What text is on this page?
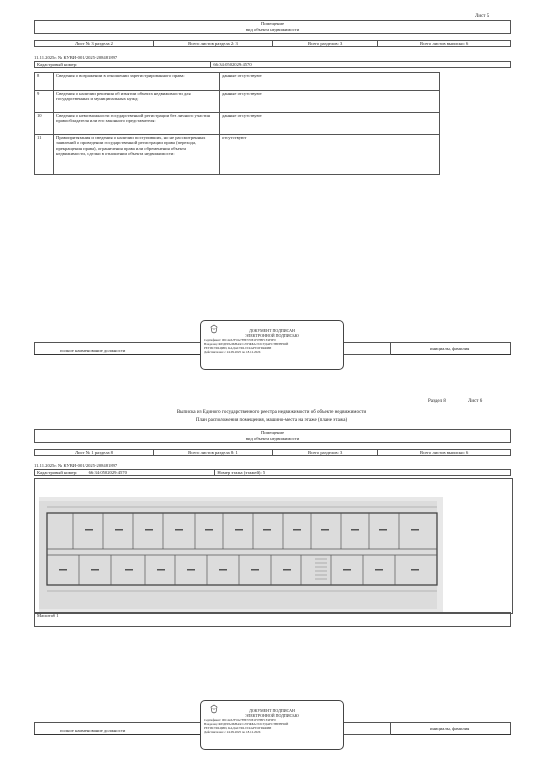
Лист 5
Помещение
вид объекта недвижимости
Лист № 3 раздела 2	Всего листов раздела 2: 3	Всего разделов: 3	Всего листов выписки: 6
11.11.2025г. № КУВИ-001/2025-208481897
Кадастровый номер:	66:34:0502029:4570
8	Сведения о возражении в отношении зарегистрированного права:	данные отсутствуют
9	Сведения о наличии решения об изъятии объекта недвижимости для государственных и муниципальных нужд:	данные отсутствуют
10	Сведения о невозможности государственной регистрации без личного участия правообладателя или его законного представителя:	данные отсутствуют
11	Правопритязания и сведения о наличии поступивших, но не рассмотренных заявлений о проведении государственной регистрации права (перехода, прекращения права), ограничения права или обременения объекта недвижимости, сделки в отношении объекта недвижимости:	отсутствуют

полное наименование должности	инициалы, фамилия
ДОКУМЕНТ ПОДПИСАН
ЭЛЕКТРОННОЙ ПОДПИСЬЮ
Сертификат: 00C42A7F0A7F8E370E1F07BF1F4F0F0
Владелец: ФЕДЕРАЛЬНАЯ СЛУЖБА ГОСУДАРСТВЕННОЙ
РЕГИСТРАЦИИ, КАДАСТРА И КАРТОГРАФИИ
Действителен: с 24.09.2025 по 18.12.2026
Раздел 8	Лист 6
Выписка из Единого государственного реестра недвижимости об объекте недвижимости
План расположения помещения, машино-места на этаже (плане этажа)
Помещение
вид объекта недвижимости
Лист № 1 раздела 8	Всего листов раздела 8: 1	Всего разделов: 3	Всего листов выписки: 6
11.11.2025г. № КУВИ-001/2025-208481897
Кадастровый номер:	66:34:0502029:4570	Номер этажа (этажей): 5
Масштаб 1

полное наименование должности	инициалы, фамилия
ДОКУМЕНТ ПОДПИСАН
ЭЛЕКТРОННОЙ ПОДПИСЬЮ
Сертификат: 00C42A7F0A7F8E370E1F07BF1F4F0F0
Владелец: ФЕДЕРАЛЬНАЯ СЛУЖБА ГОСУДАРСТВЕННОЙ
РЕГИСТРАЦИИ, КАДАСТРА И КАРТОГРАФИИ
Действителен: с 24.09.2025 по 18.12.2026
